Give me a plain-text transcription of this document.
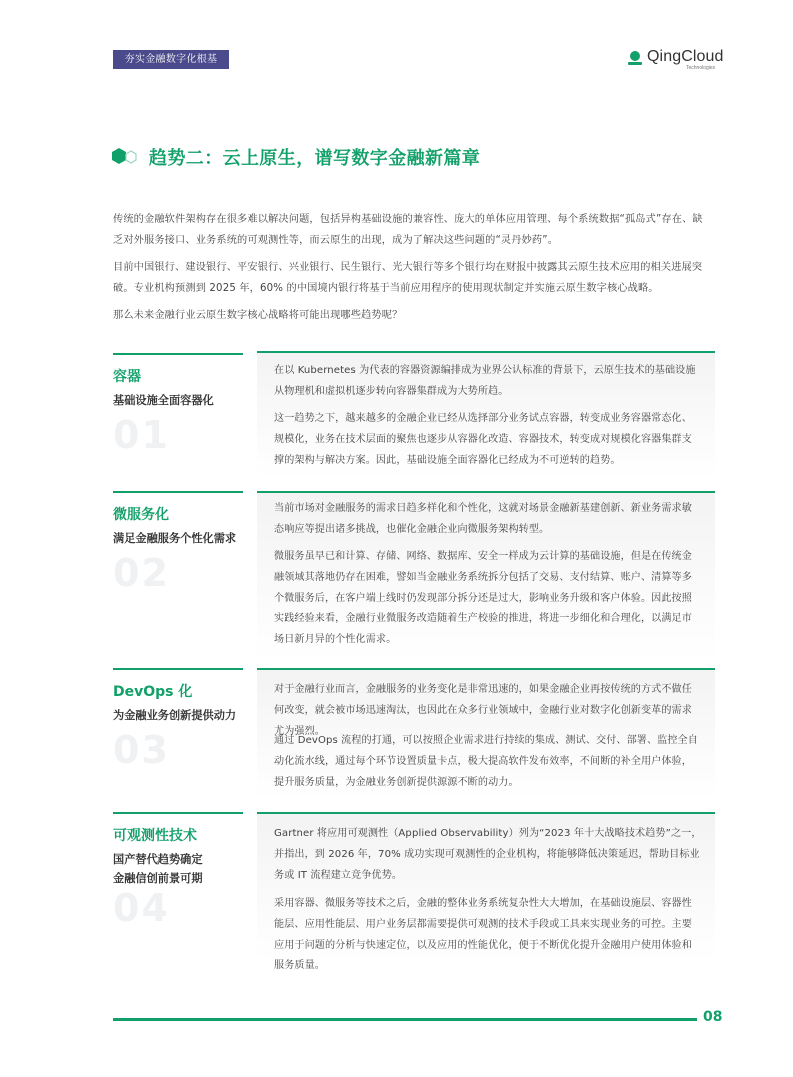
夯实金融数字化根基	QingCloud
Technologies
趋势二：云上原生，谱写数字金融新篇章

传统的金融软件架构存在很多难以解决问题，包括异构基础设施的兼容性、庞大的单体应用管理、每个系统数据“孤岛式”存在、缺乏对外服务接口、业务系统的可观测性等，而云原生的出现，成为了解决这些问题的“灵丹妙药”。

目前中国银行、建设银行、平安银行、兴业银行、民生银行、光大银行等多个银行均在财报中披露其云原生技术应用的相关进展突破。专业机构预测到 2025 年，60% 的中国境内银行将基于当前应用程序的使用现状制定并实施云原生数字核心战略。

那么未来金融行业云原生数字核心战略将可能出现哪些趋势呢？

容器
基础设施全面容器化
01

在以 Kubernetes 为代表的容器资源编排成为业界公认标准的背景下，云原生技术的基础设施从物理机和虚拟机逐步转向容器集群成为大势所趋。

这一趋势之下，越来越多的金融企业已经从选择部分业务试点容器，转变成业务容器常态化、规模化，业务在技术层面的聚焦也逐步从容器化改造、容器技术，转变成对规模化容器集群支撑的架构与解决方案。因此，基础设施全面容器化已经成为不可逆转的趋势。

微服务化
满足金融服务个性化需求
02

当前市场对金融服务的需求日趋多样化和个性化，这就对场景金融新基建创新、新业务需求敏态响应等提出诸多挑战，也催化金融企业向微服务架构转型。

微服务虽早已和计算、存储、网络、数据库、安全一样成为云计算的基础设施，但是在传统金融领域其落地仍存在困难，譬如当金融业务系统拆分包括了交易、支付结算、账户、清算等多个微服务后，在客户端上线时仍发现部分拆分还是过大，影响业务升级和客户体验。因此按照实践经验来看，金融行业微服务改造随着生产校验的推进，将进一步细化和合理化，以满足市场日新月异的个性化需求。

DevOps 化
为金融业务创新提供动力
03

对于金融行业而言，金融服务的业务变化是非常迅速的，如果金融企业再按传统的方式不做任何改变，就会被市场迅速淘汰，也因此在众多行业领域中，金融行业对数字化创新变革的需求尤为强烈。

通过 DevOps 流程的打通，可以按照企业需求进行持续的集成、测试、交付、部署、监控全自动化流水线，通过每个环节设置质量卡点，极大提高软件发布效率，不间断的补全用户体验，提升服务质量，为金融业务创新提供源源不断的动力。

可观测性技术
国产替代趋势确定
金融信创前景可期
04

Gartner 将应用可观测性（Applied Observability）列为“2023 年十大战略技术趋势”之一，并指出，到 2026 年，70% 成功实现可观测性的企业机构，将能够降低决策延迟，帮助目标业务或 IT 流程建立竞争优势。

采用容器、微服务等技术之后，金融的整体业务系统复杂性大大增加，在基础设施层、容器性能层、应用性能层、用户业务层都需要提供可观测的技术手段或工具来实现业务的可控。主要应用于问题的分析与快速定位，以及应用的性能优化，便于不断优化提升金融用户使用体验和服务质量。

08
